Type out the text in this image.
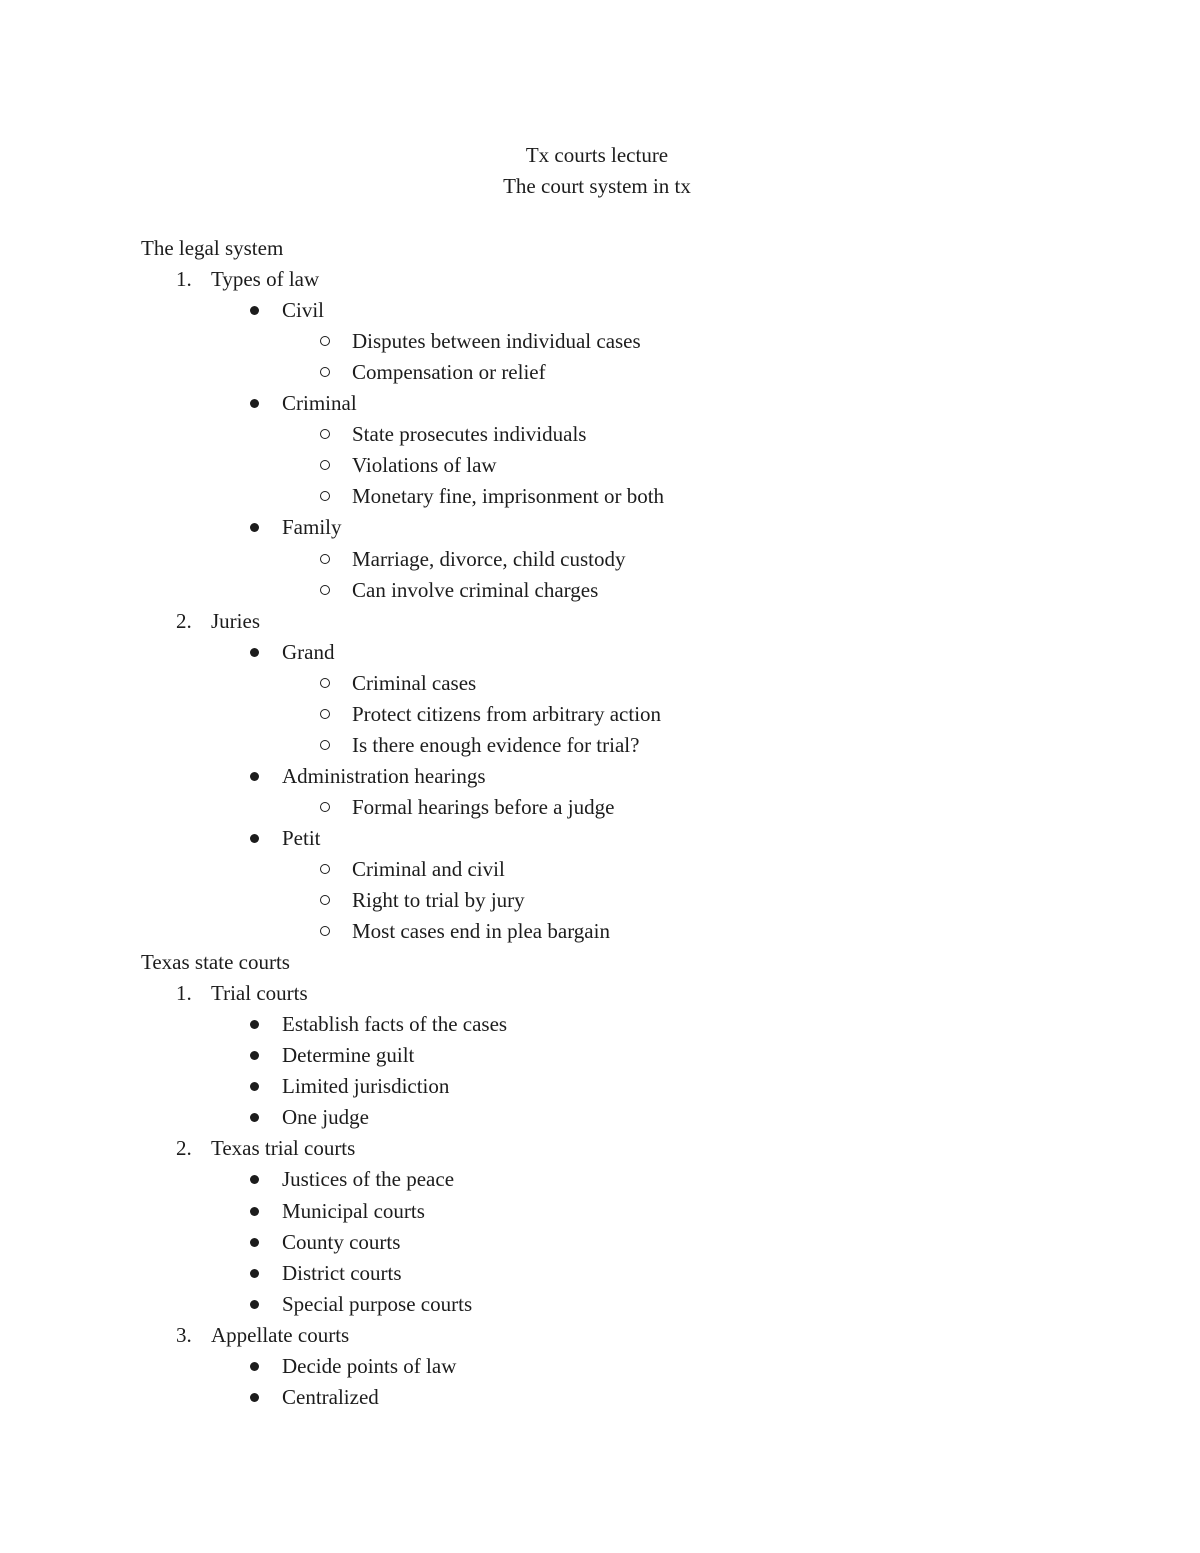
Tx courts lecture
The court system in tx
The legal system
1. Types of law
Civil
Disputes between individual cases
Compensation or relief
Criminal
State prosecutes individuals
Violations of law
Monetary fine, imprisonment or both
Family
Marriage, divorce, child custody
Can involve criminal charges
2. Juries
Grand
Criminal cases
Protect citizens from arbitrary action
Is there enough evidence for trial?
Administration hearings
Formal hearings before a judge
Petit
Criminal and civil
Right to trial by jury
Most cases end in plea bargain
Texas state courts
1. Trial courts
Establish facts of the cases
Determine guilt
Limited jurisdiction
One judge
2. Texas trial courts
Justices of the peace
Municipal courts
County courts
District courts
Special purpose courts
3. Appellate courts
Decide points of law
Centralized
